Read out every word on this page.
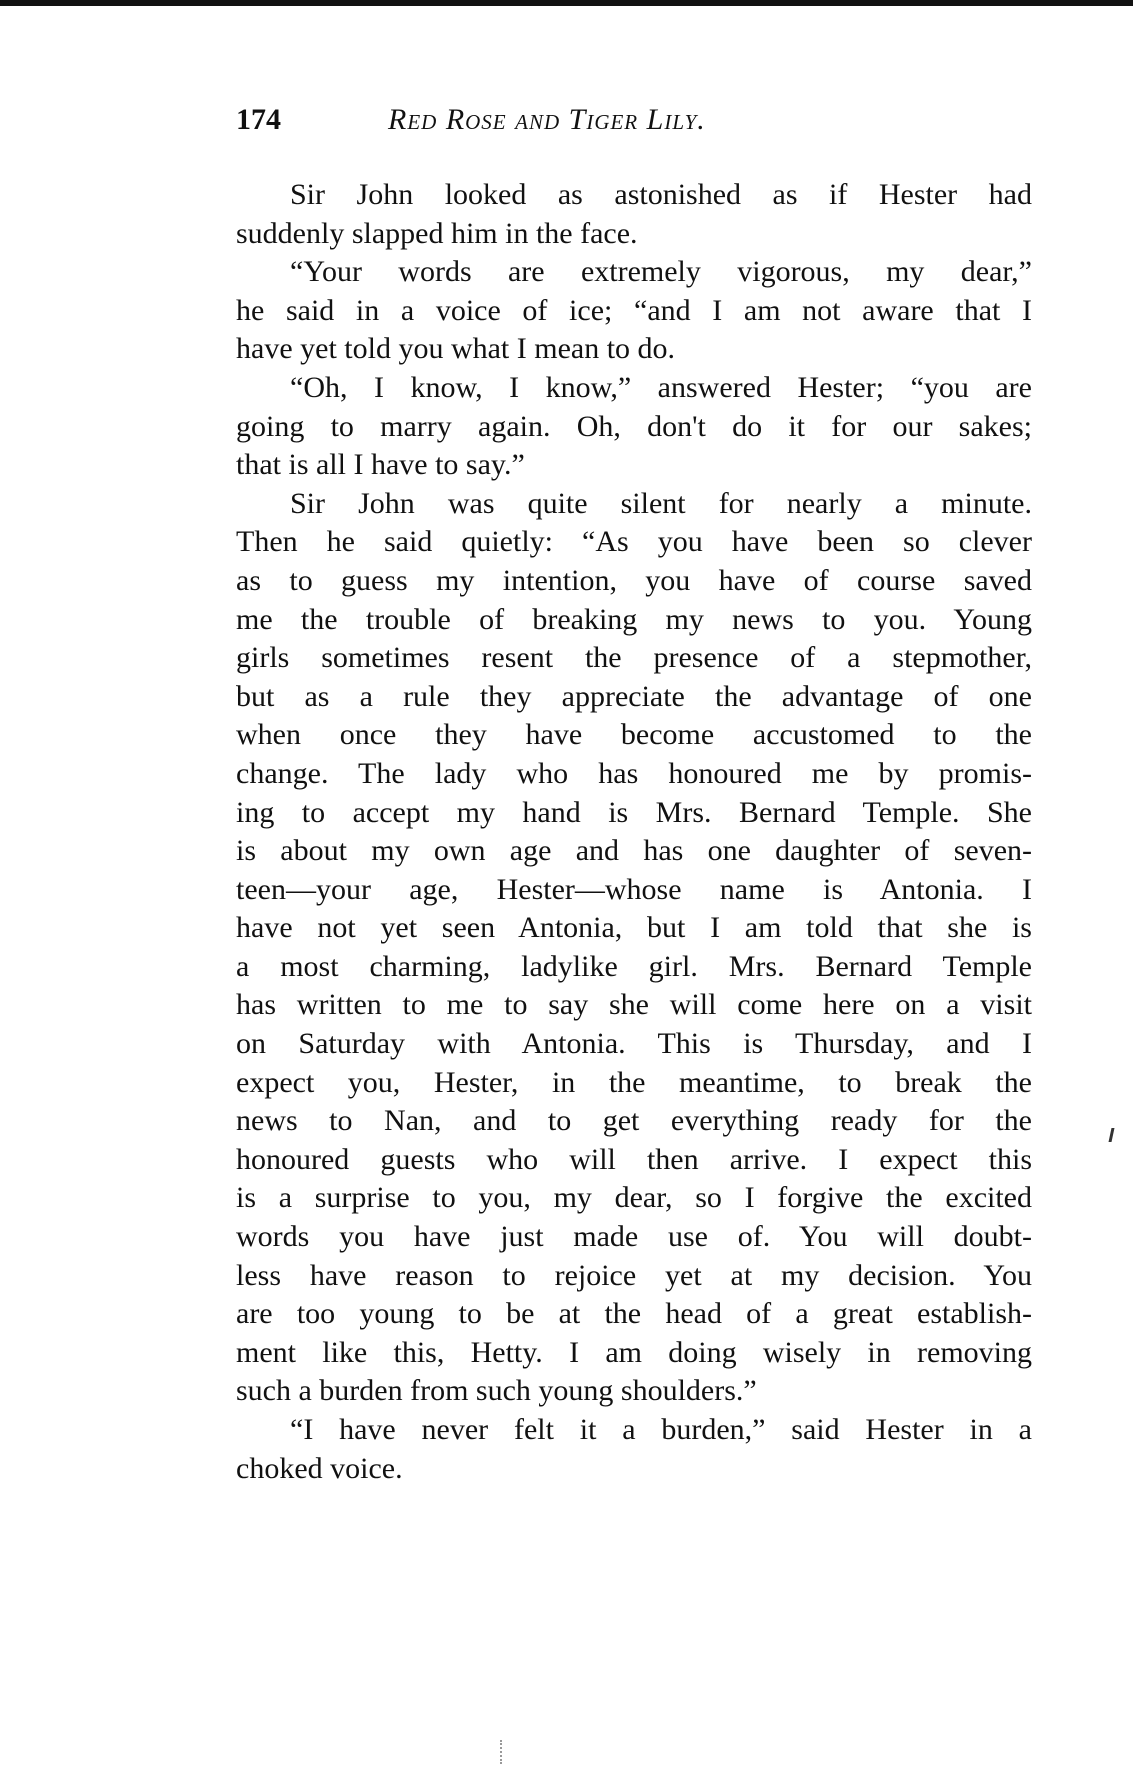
174	Red Rose and Tiger Lily.
Sir John looked as astonished as if Hester had
suddenly slapped him in the face.
“Your words are extremely vigorous, my dear,”
he said in a voice of ice; “and I am not aware that I
have yet told you what I mean to do.
“Oh, I know, I know,” answered Hester; “you are
going to marry again. Oh, don't do it for our sakes;
that is all I have to say.”
Sir John was quite silent for nearly a minute.
Then he said quietly: “As you have been so clever
as to guess my intention, you have of course saved
me the trouble of breaking my news to you. Young
girls sometimes resent the presence of a stepmother,
but as a rule they appreciate the advantage of one
when once they have become accustomed to the
change. The lady who has honoured me by promis-
ing to accept my hand is Mrs. Bernard Temple. She
is about my own age and has one daughter of seven-
teen—your age, Hester—whose name is Antonia. I
have not yet seen Antonia, but I am told that she is
a most charming, ladylike girl. Mrs. Bernard Temple
has written to me to say she will come here on a visit
on Saturday with Antonia. This is Thursday, and I
expect you, Hester, in the meantime, to break the
news to Nan, and to get everything ready for the
honoured guests who will then arrive. I expect this
is a surprise to you, my dear, so I forgive the excited
words you have just made use of. You will doubt-
less have reason to rejoice yet at my decision. You
are too young to be at the head of a great establish-
ment like this, Hetty. I am doing wisely in removing
such a burden from such young shoulders.”
“I have never felt it a burden,” said Hester in a
choked voice.
